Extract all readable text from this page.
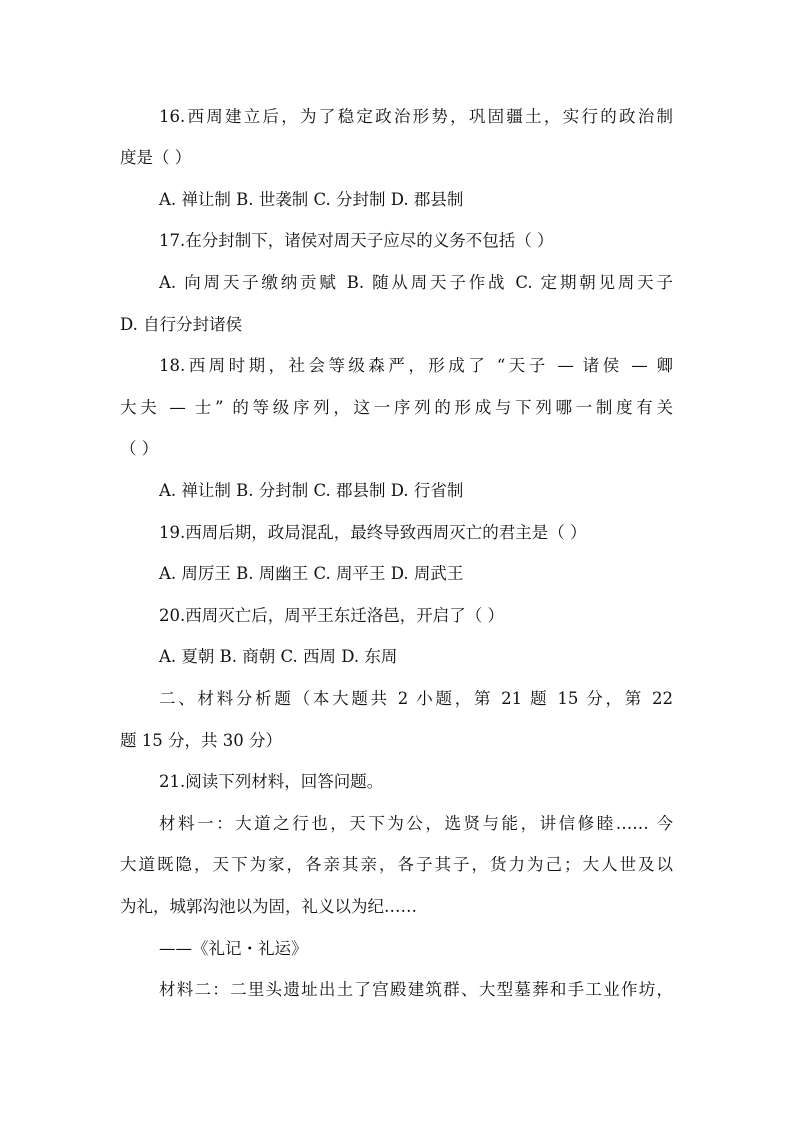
16.西周建立后，为了稳定政治形势，巩固疆土，实行的政治制

度是（ ）

A. 禅让制 B. 世袭制 C. 分封制 D. 郡县制

17.在分封制下，诸侯对周天子应尽的义务不包括（ ）

A. 向周天子缴纳贡赋 B. 随从周天子作战 C. 定期朝见周天子

D. 自行分封诸侯

18.西周时期，社会等级森严，形成了 “天子 — 诸侯 — 卿

大夫 — 士” 的等级序列，这一序列的形成与下列哪一制度有关

（ ）

A. 禅让制 B. 分封制 C. 郡县制 D. 行省制

19.西周后期，政局混乱，最终导致西周灭亡的君主是（ ）

A. 周厉王 B. 周幽王 C. 周平王 D. 周武王

20.西周灭亡后，周平王东迁洛邑，开启了（ ）

A. 夏朝 B. 商朝 C. 西周 D. 东周

二、材料分析题（本大题共 2 小题，第 21 题 15 分，第 22

题 15 分，共 30 分）

21.阅读下列材料，回答问题。

材料一：大道之行也，天下为公，选贤与能，讲信修睦…… 今

大道既隐，天下为家，各亲其亲，各子其子，货力为己；大人世及以

为礼，城郭沟池以为固，礼义以为纪……

——《礼记・礼运》

材料二：二里头遗址出土了宫殿建筑群、大型墓葬和手工业作坊，
